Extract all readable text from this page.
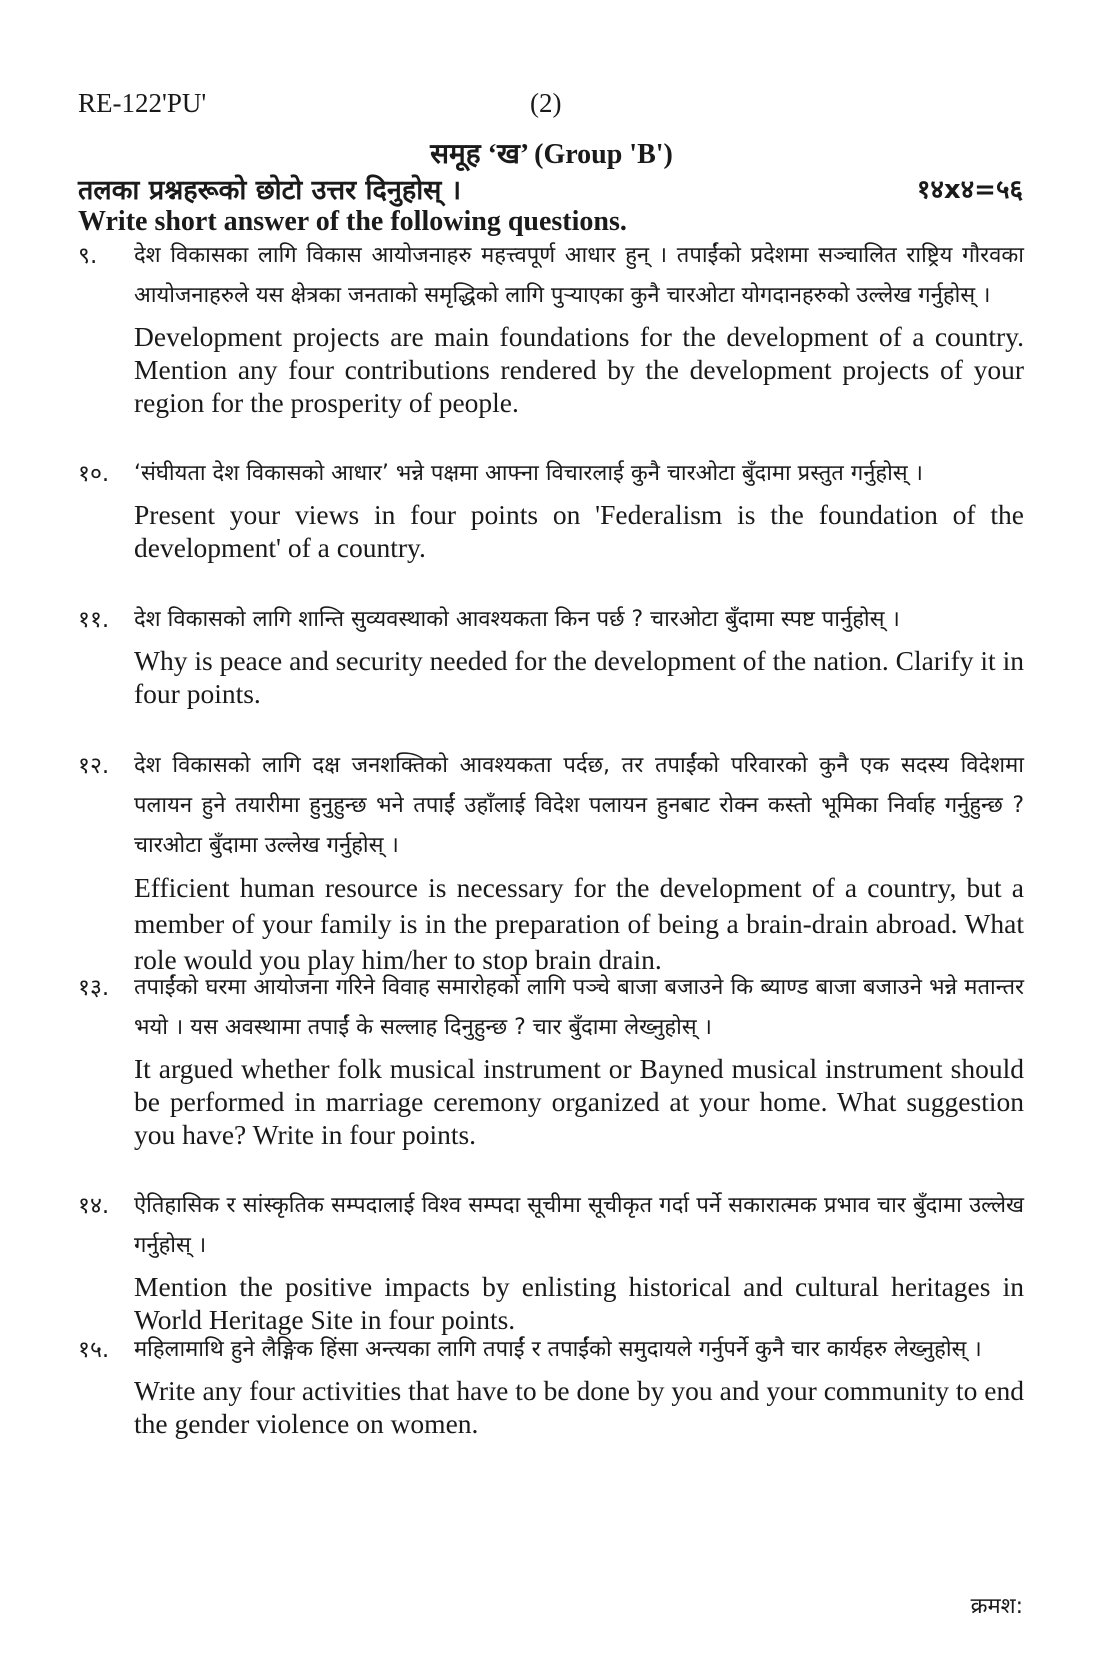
RE-122'PU'	(2)
समूह ‘ख’ (Group 'B')
तलका प्रश्नहरूको छोटो उत्तर दिनुहोस् ।	१४x४=५६
Write short answer of the following questions.
९.	देश विकासका लागि विकास आयोजनाहरु महत्त्वपूर्ण आधार हुन् । तपाईंको प्रदेशमा सञ्चालित राष्ट्रिय गौरवका आयोजनाहरुले यस क्षेत्रका जनताको समृद्धिको लागि पुऱ्याएका कुनै चारओटा योगदानहरुको उल्लेख गर्नुहोस् ।
Development projects are main foundations for the development of a country. Mention any four contributions rendered by the development projects of your region for the prosperity of people.
१०.	‘संघीयता देश विकासको आधार’ भन्ने पक्षमा आफ्ना विचारलाई कुनै चारओटा बुँदामा प्रस्तुत गर्नुहोस् ।
Present your views in four points on 'Federalism is the foundation of the development' of a country.
११.	देश विकासको लागि शान्ति सुव्यवस्थाको आवश्यकता किन पर्छ ? चारओटा बुँदामा स्पष्ट पार्नुहोस् ।
Why is peace and security needed for the development of the nation. Clarify it in four points.
१२.	देश विकासको लागि दक्ष जनशक्तिको आवश्यकता पर्दछ, तर तपाईंको परिवारको कुनै एक सदस्य विदेशमा पलायन हुने तयारीमा हुनुहुन्छ भने तपाईं उहाँलाई विदेश पलायन हुनबाट रोक्न कस्तो भूमिका निर्वाह गर्नुहुन्छ ? चारओटा बुँदामा उल्लेख गर्नुहोस् ।
Efficient human resource is necessary for the development of a country, but a member of your family is in the preparation of being a brain-drain abroad. What role would you play him/her to stop brain drain.
१३.	तपाईंको घरमा आयोजना गरिने विवाह समारोहको लागि पञ्चे बाजा बजाउने कि ब्याण्ड बाजा बजाउने भन्ने मतान्तर भयो । यस अवस्थामा तपाईं के सल्लाह दिनुहुन्छ ? चार बुँदामा लेख्नुहोस् ।
It argued whether folk musical instrument or Bayned musical instrument should be performed in marriage ceremony organized at your home. What suggestion you have? Write in four points.
१४.	ऐतिहासिक र सांस्कृतिक सम्पदालाई विश्व सम्पदा सूचीमा सूचीकृत गर्दा पर्ने सकारात्मक प्रभाव चार बुँदामा उल्लेख गर्नुहोस् ।
Mention the positive impacts by enlisting historical and cultural heritages in World Heritage Site in four points.
१५.	महिलामाथि हुने लैङ्गिक हिंसा अन्त्यका लागि तपाईं र तपाईंको समुदायले गर्नुपर्ने कुनै चार कार्यहरु लेख्नुहोस् ।
Write any four activities that have to be done by you and your community to end the gender violence on women.
क्रमश:
